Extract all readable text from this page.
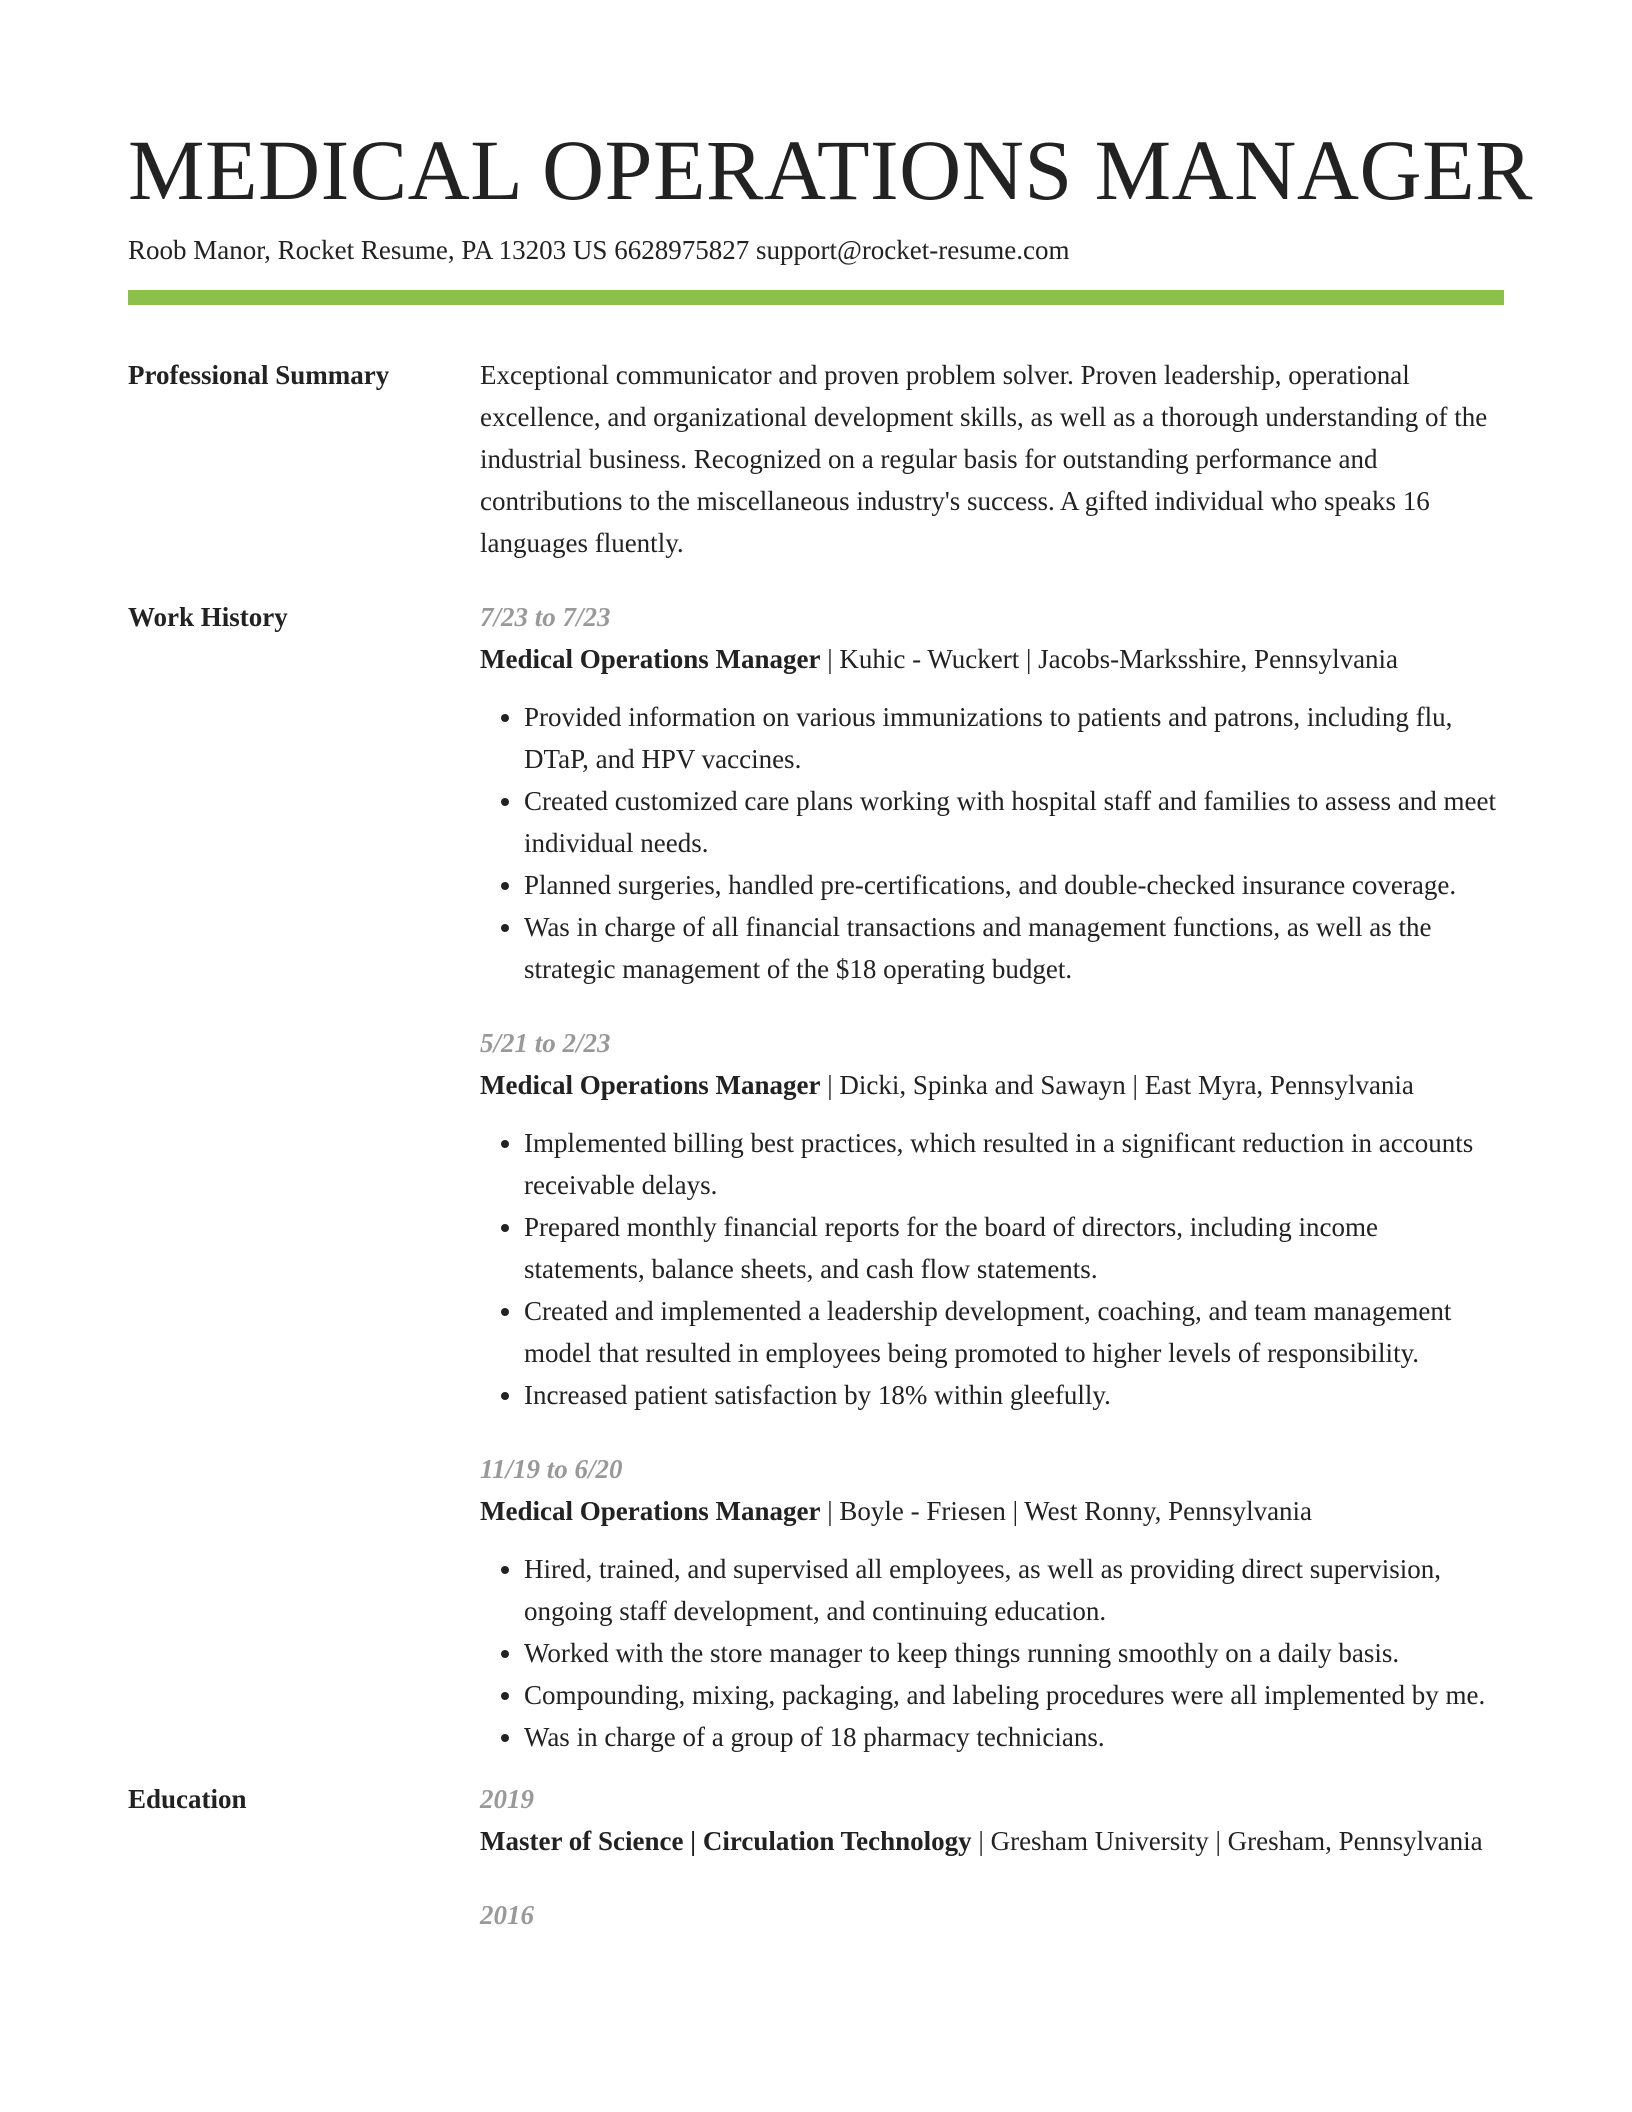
MEDICAL OPERATIONS MANAGER
Roob Manor, Rocket Resume, PA 13203 US 6628975827 support@rocket-resume.com
Professional Summary	Exceptional communicator and proven problem solver. Proven leadership, operational excellence, and organizational development skills, as well as a thorough understanding of the industrial business. Recognized on a regular basis for outstanding performance and contributions to the miscellaneous industry's success. A gifted individual who speaks 16 languages fluently.
Work History	7/23 to 7/23
Medical Operations Manager | Kuhic - Wuckert | Jacobs-Marksshire, Pennsylvania
• Provided information on various immunizations to patients and patrons, including flu, DTaP, and HPV vaccines.
• Created customized care plans working with hospital staff and families to assess and meet individual needs.
• Planned surgeries, handled pre-certifications, and double-checked insurance coverage.
• Was in charge of all financial transactions and management functions, as well as the strategic management of the $18 operating budget.
5/21 to 2/23
Medical Operations Manager | Dicki, Spinka and Sawayn | East Myra, Pennsylvania
• Implemented billing best practices, which resulted in a significant reduction in accounts receivable delays.
• Prepared monthly financial reports for the board of directors, including income statements, balance sheets, and cash flow statements.
• Created and implemented a leadership development, coaching, and team management model that resulted in employees being promoted to higher levels of responsibility.
• Increased patient satisfaction by 18% within gleefully.
11/19 to 6/20
Medical Operations Manager | Boyle - Friesen | West Ronny, Pennsylvania
• Hired, trained, and supervised all employees, as well as providing direct supervision, ongoing staff development, and continuing education.
• Worked with the store manager to keep things running smoothly on a daily basis.
• Compounding, mixing, packaging, and labeling procedures were all implemented by me.
• Was in charge of a group of 18 pharmacy technicians.
Education	2019
Master of Science | Circulation Technology | Gresham University | Gresham, Pennsylvania
2016
